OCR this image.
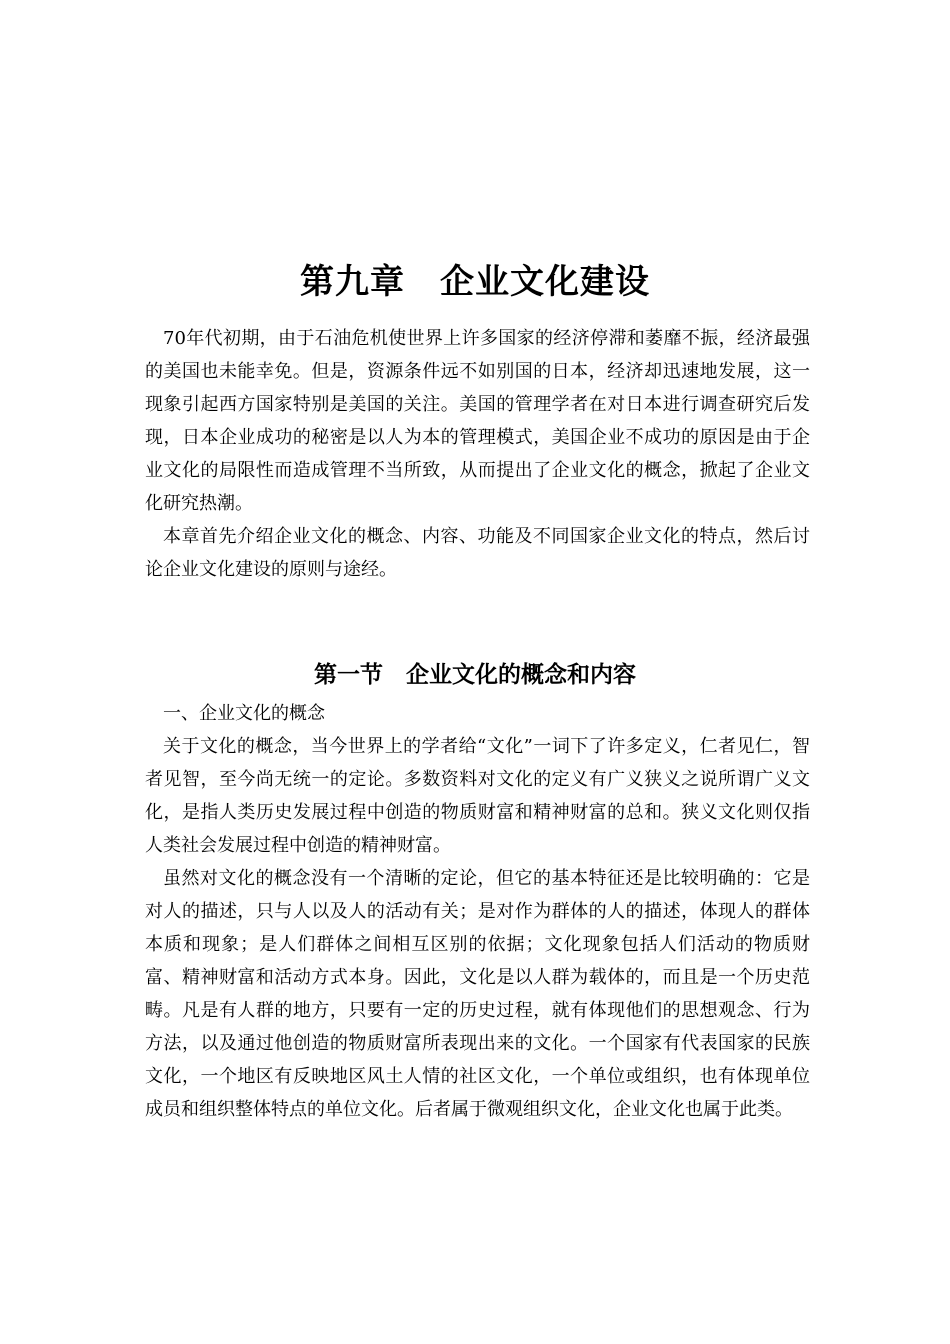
第九章　企业文化建设

70年代初期，由于石油危机使世界上许多国家的经济停滞和萎靡不振，经济最强的美国也未能幸免。但是，资源条件远不如别国的日本，经济却迅速地发展，这一现象引起西方国家特别是美国的关注。美国的管理学者在对日本进行调查研究后发现，日本企业成功的秘密是以人为本的管理模式，美国企业不成功的原因是由于企业文化的局限性而造成管理不当所致，从而提出了企业文化的概念，掀起了企业文化研究热潮。

本章首先介绍企业文化的概念、内容、功能及不同国家企业文化的特点，然后讨论企业文化建设的原则与途经。

第一节　企业文化的概念和内容
一、企业文化的概念

关于文化的概念，当今世界上的学者给“文化”一词下了许多定义，仁者见仁，智者见智，至今尚无统一的定论。多数资料对文化的定义有广义狭义之说所谓广义文化，是指人类历史发展过程中创造的物质财富和精神财富的总和。狭义文化则仅指人类社会发展过程中创造的精神财富。

虽然对文化的概念没有一个清晰的定论，但它的基本特征还是比较明确的：它是对人的描述，只与人以及人的活动有关；是对作为群体的人的描述，体现人的群体本质和现象；是人们群体之间相互区别的依据；文化现象包括人们活动的物质财富、精神财富和活动方式本身。因此，文化是以人群为载体的，而且是一个历史范畴。凡是有人群的地方，只要有一定的历史过程，就有体现他们的思想观念、行为方法，以及通过他创造的物质财富所表现出来的文化。一个国家有代表国家的民族文化，一个地区有反映地区风土人情的社区文化，一个单位或组织，也有体现单位成员和组织整体特点的单位文化。后者属于微观组织文化，企业文化也属于此类。
